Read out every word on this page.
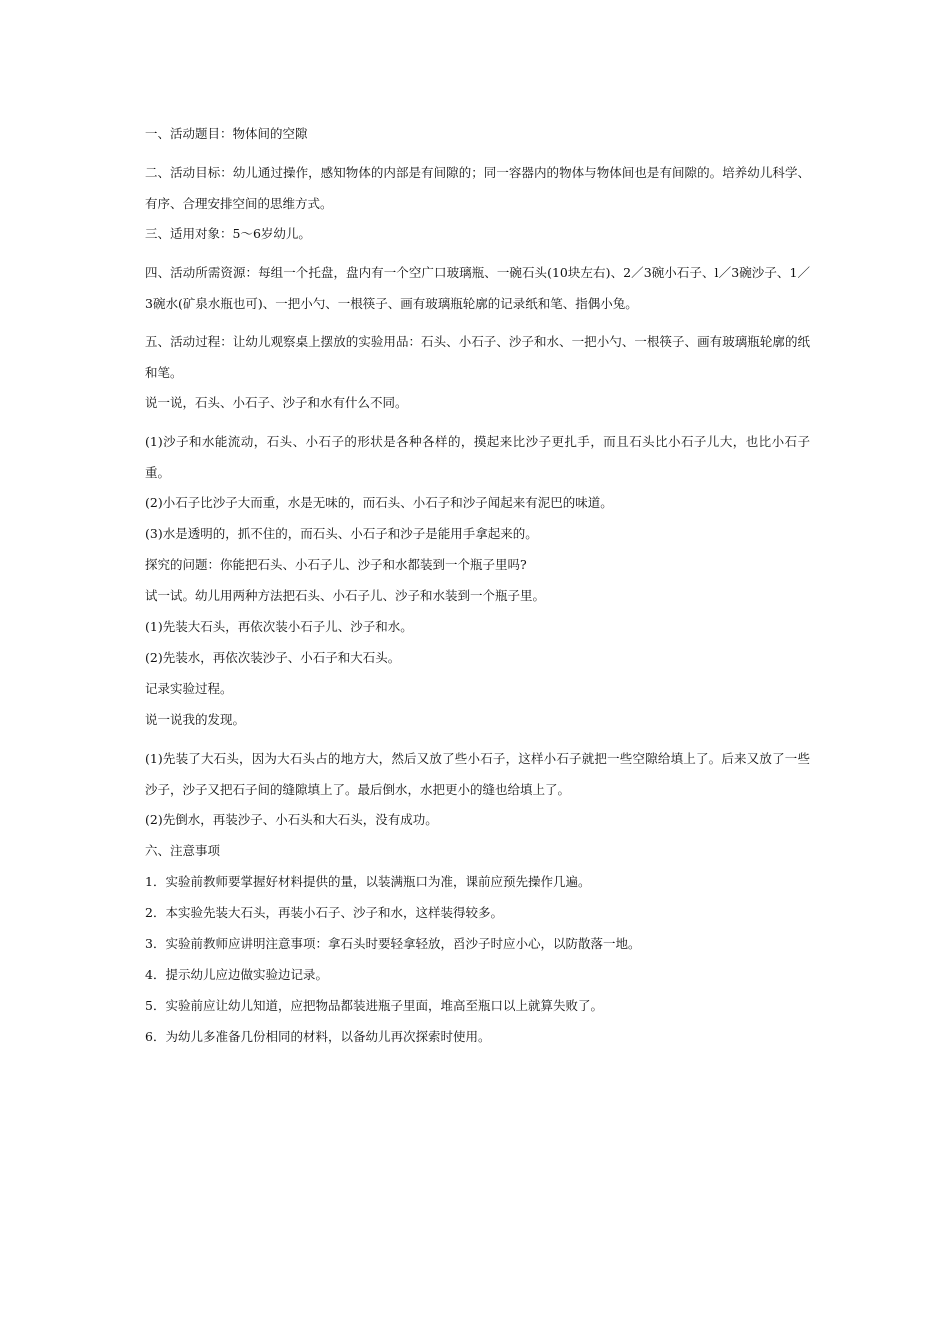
一、活动题目：物体间的空隙

二、活动目标：幼儿通过操作，感知物体的内部是有间隙的；同一容器内的物体与物体间也是有间隙的。培养幼儿科学、有序、合理安排空间的思维方式。

三、适用对象：5～6岁幼儿。

四、活动所需资源：每组一个托盘，盘内有一个空广口玻璃瓶、一碗石头(10块左右)、2／3碗小石子、l／3碗沙子、1／3碗水(矿泉水瓶也可)、一把小勺、一根筷子、画有玻璃瓶轮廓的记录纸和笔、指偶小兔。

五、活动过程：让幼儿观察桌上摆放的实验用品：石头、小石子、沙子和水、一把小勺、一根筷子、画有玻璃瓶轮廓的纸和笔。

说一说，石头、小石子、沙子和水有什么不同。

(1)沙子和水能流动，石头、小石子的形状是各种各样的，摸起来比沙子更扎手，而且石头比小石子儿大，也比小石子重。

(2)小石子比沙子大而重，水是无味的，而石头、小石子和沙子闻起来有泥巴的味道。

(3)水是透明的，抓不住的，而石头、小石子和沙子是能用手拿起来的。

探究的问题：你能把石头、小石子儿、沙子和水都装到一个瓶子里吗?

试一试。幼儿用两种方法把石头、小石子儿、沙子和水装到一个瓶子里。

(1)先装大石头，再依次装小石子儿、沙子和水。

(2)先装水，再依次装沙子、小石子和大石头。

记录实验过程。

说一说我的发现。

(1)先装了大石头，因为大石头占的地方大，然后又放了些小石子，这样小石子就把一些空隙给填上了。后来又放了一些沙子，沙子又把石子间的缝隙填上了。最后倒水，水把更小的缝也给填上了。

(2)先倒水，再装沙子、小石头和大石头，没有成功。

六、注意事项

1．实验前教师要掌握好材料提供的量，以装满瓶口为准，课前应预先操作几遍。

2．本实验先装大石头，再装小石子、沙子和水，这样装得较多。

3．实验前教师应讲明注意事项：拿石头时要轻拿轻放，舀沙子时应小心，以防散落一地。

4．提示幼儿应边做实验边记录。

5．实验前应让幼儿知道，应把物品都装进瓶子里面，堆高至瓶口以上就算失败了。

6．为幼儿多准备几份相同的材料，以备幼儿再次探索时使用。
